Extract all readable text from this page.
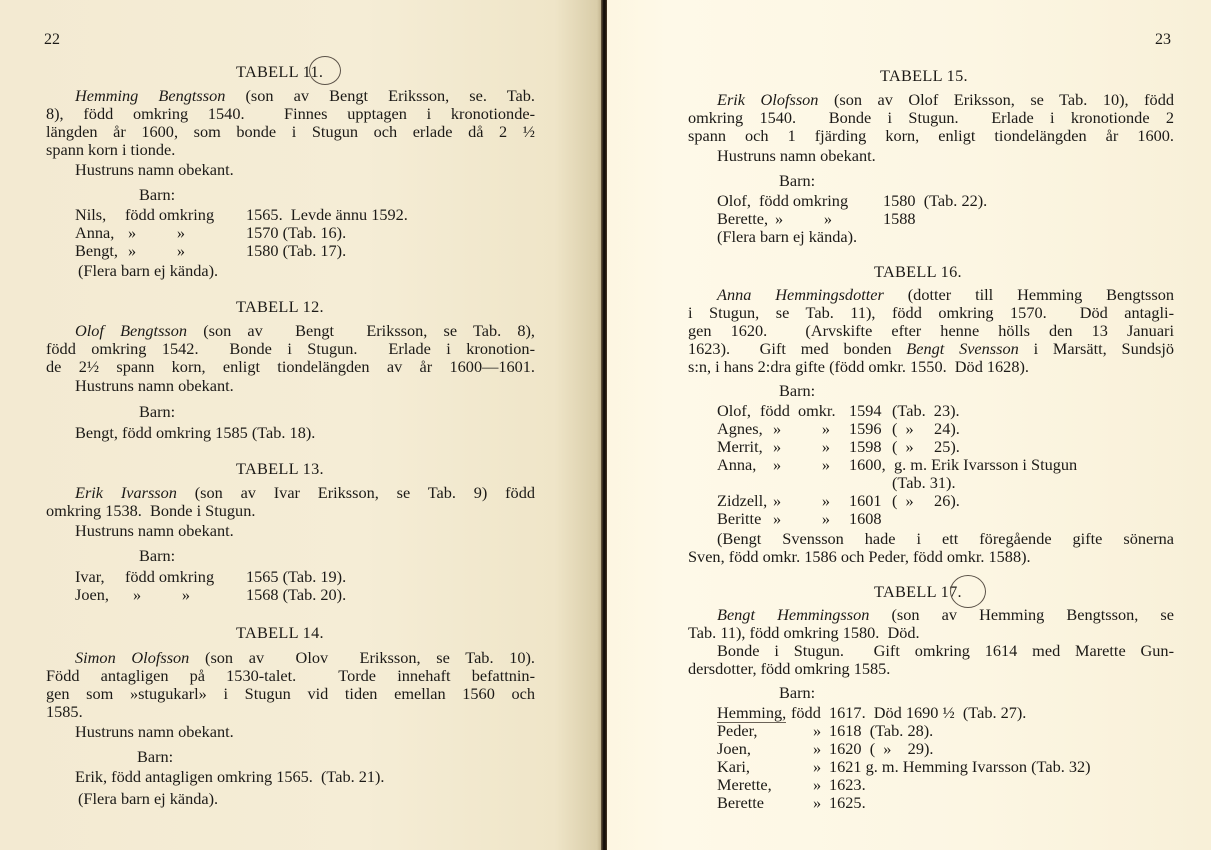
22
TABELL 11.
Hemming Bengtsson (son av Bengt Eriksson, se. Tab.
8), född omkring 1540.  Finnes upptagen i kronotionde-
längden år 1600, som bonde i Stugun och erlade då 2 ½
spann korn i tionde.
Hustruns namn obekant.
Barn:
Nils, född omkring 1565.  Levde ännu 1592.
Anna, »          »	1570 (Tab. 16).
Bengt, »          »	1580 (Tab. 17).
(Flera barn ej kända).
TABELL 12.
Olof Bengtsson (son av  Bengt  Eriksson, se Tab. 8),
född omkring 1542.  Bonde i Stugun.  Erlade i kronotion-
de 2½ spann korn, enligt tiondelängden av år 1600—1601.
Hustruns namn obekant.
Barn:
Bengt, född omkring 1585 (Tab. 18).
TABELL 13.
Erik Ivarsson (son av Ivar Eriksson, se Tab. 9) född
omkring 1538.  Bonde i Stugun.
Hustruns namn obekant.
Barn:
Ivar, född omkring 1565 (Tab. 19).
Joen, »          »	1568 (Tab. 20).
TABELL 14.
Simon Olofsson (son av  Olov  Eriksson, se Tab. 10).
Född antagligen på 1530-talet.  Torde innehaft befattnin-
gen som »stugukarl» i Stugun vid tiden emellan 1560 och
1585.
Hustruns namn obekant.
Barn:
Erik, född antagligen omkring 1565.  (Tab. 21).
(Flera barn ej kända).
23
TABELL 15.
Erik Olofsson (son av Olof Eriksson, se Tab. 10), född
omkring 1540.  Bonde i Stugun.  Erlade i kronotionde 2
spann och 1 fjärding korn, enligt tiondelängden år 1600.
Hustruns namn obekant.
Barn:
Olof, född omkring 1580  (Tab. 22).
Berette, »          »	1588
(Flera barn ej kända).
TABELL 16.
Anna Hemmingsdotter (dotter till Hemming Bengtsson
i Stugun, se Tab. 11), född omkring 1570.  Död antagli-
gen 1620.  (Arvskifte efter henne hölls den 13 Januari
1623).  Gift med bonden Bengt Svensson i Marsätt, Sundsjö
s:n, i hans 2:dra gifte (född omkr. 1550.  Död 1628).
Barn:
Olof, född  omkr. 1594 (Tab.  23).
Agnes, »          » 1596 (  »     24).
Merrit, »          » 1598 (  »     25).
Anna, »          » 1600, g. m. Erik Ivarsson i Stugun
(Tab. 31).
Zidzell, »          » 1601 (  »     26).
Beritte »          » 1608
(Bengt Svensson hade i ett föregående gifte sönerna
Sven, född omkr. 1586 och Peder, född omkr. 1588).
TABELL 17.
Bengt Hemmingsson (son av Hemming Bengtsson, se
Tab. 11), född omkring 1580.  Död.
Bonde i Stugun.  Gift omkring 1614 med Marette Gun-
dersdotter, född omkring 1585.
Barn:
Hemming, född 1617.  Död 1690 ½  (Tab. 27).
Peder,	» 1618  (Tab. 28).
Joen,	» 1620  (  »    29).
Kari,	» 1621 g. m. Hemming Ivarsson (Tab. 32)
Merette,	» 1623.
Berette	» 1625.
